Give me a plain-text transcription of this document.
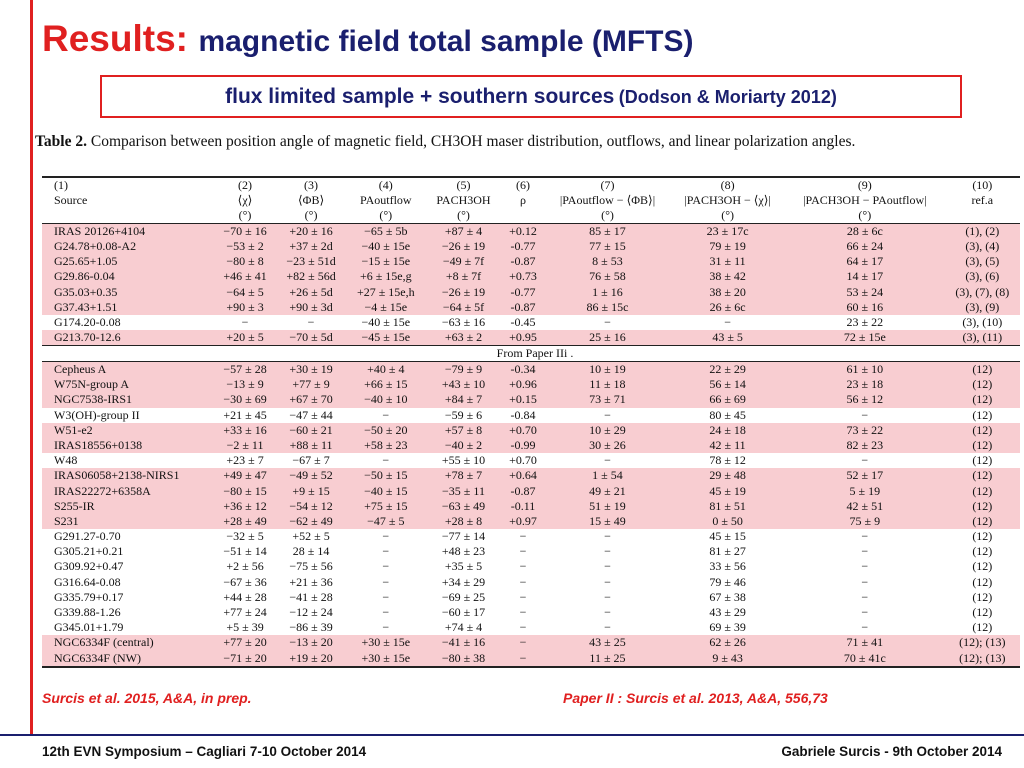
Results: magnetic field total sample (MFTS)
flux limited sample + southern sources (Dodson & Moriarty 2012)
Table 2. Comparison between position angle of magnetic field, CH3OH maser distribution, outflows, and linear polarization angles.
(1)	(2)	(3)	(4)	(5)	(6)	(7)	(8)	(9)	(10)
Source	⟨χ⟩	⟨ΦB⟩	PAoutflow	PACH3OH	ρ	|PAoutflow − ⟨ΦB⟩|	|PACH3OH − ⟨χ⟩|	|PACH3OH − PAoutflow|	ref.a
	(°)	(°)	(°)	(°)		(°)	(°)	(°)	
IRAS 20126+4104	−70 ± 16	+20 ± 16	−65 ± 5b	+87 ± 4	+0.12	85 ± 17	23 ± 17c	28 ± 6c	(1), (2)
G24.78+0.08-A2	−53 ± 2	+37 ± 2d	−40 ± 15e	−26 ± 19	-0.77	77 ± 15	79 ± 19	66 ± 24	(3), (4)
G25.65+1.05	−80 ± 8	−23 ± 51d	−15 ± 15e	−49 ± 7f	-0.87	8 ± 53	31 ± 11	64 ± 17	(3), (5)
G29.86-0.04	+46 ± 41	+82 ± 56d	+6 ± 15e,g	+8 ± 7f	+0.73	76 ± 58	38 ± 42	14 ± 17	(3), (6)
G35.03+0.35	−64 ± 5	+26 ± 5d	+27 ± 15e,h	−26 ± 19	-0.77	1 ± 16	38 ± 20	53 ± 24	(3), (7), (8)
G37.43+1.51	+90 ± 3	+90 ± 3d	−4 ± 15e	−64 ± 5f	-0.87	86 ± 15c	26 ± 6c	60 ± 16	(3), (9)
G174.20-0.08	−	−	−40 ± 15e	−63 ± 16	-0.45	−	−	23 ± 22	(3), (10)
G213.70-12.6	+20 ± 5	−70 ± 5d	−45 ± 15e	+63 ± 2	+0.95	25 ± 16	43 ± 5	72 ± 15e	(3), (11)
From Paper IIi .									
Cepheus A	−57 ± 28	+30 ± 19	+40 ± 4	−79 ± 9	-0.34	10 ± 19	22 ± 29	61 ± 10	(12)
W75N-group A	−13 ± 9	+77 ± 9	+66 ± 15	+43 ± 10	+0.96	11 ± 18	56 ± 14	23 ± 18	(12)
NGC7538-IRS1	−30 ± 69	+67 ± 70	−40 ± 10	+84 ± 7	+0.15	73 ± 71	66 ± 69	56 ± 12	(12)
W3(OH)-group II	+21 ± 45	−47 ± 44	−	−59 ± 6	-0.84	−	80 ± 45	−	(12)
W51-e2	+33 ± 16	−60 ± 21	−50 ± 20	+57 ± 8	+0.70	10 ± 29	24 ± 18	73 ± 22	(12)
IRAS18556+0138	−2 ± 11	+88 ± 11	+58 ± 23	−40 ± 2	-0.99	30 ± 26	42 ± 11	82 ± 23	(12)
W48	+23 ± 7	−67 ± 7	−	+55 ± 10	+0.70	−	78 ± 12	−	(12)
IRAS06058+2138-NIRS1	+49 ± 47	−49 ± 52	−50 ± 15	+78 ± 7	+0.64	1 ± 54	29 ± 48	52 ± 17	(12)
IRAS22272+6358A	−80 ± 15	+9 ± 15	−40 ± 15	−35 ± 11	-0.87	49 ± 21	45 ± 19	5 ± 19	(12)
S255-IR	+36 ± 12	−54 ± 12	+75 ± 15	−63 ± 49	-0.11	51 ± 19	81 ± 51	42 ± 51	(12)
S231	+28 ± 49	−62 ± 49	−47 ± 5	+28 ± 8	+0.97	15 ± 49	0 ± 50	75 ± 9	(12)
G291.27-0.70	−32 ± 5	+52 ± 5	−	−77 ± 14	−	−	45 ± 15	−	(12)
G305.21+0.21	−51 ± 14	28 ± 14	−	+48 ± 23	−	−	81 ± 27	−	(12)
G309.92+0.47	+2 ± 56	−75 ± 56	−	+35 ± 5	−	−	33 ± 56	−	(12)
G316.64-0.08	−67 ± 36	+21 ± 36	−	+34 ± 29	−	−	79 ± 46	−	(12)
G335.79+0.17	+44 ± 28	−41 ± 28	−	−69 ± 25	−	−	67 ± 38	−	(12)
G339.88-1.26	+77 ± 24	−12 ± 24	−	−60 ± 17	−	−	43 ± 29	−	(12)
G345.01+1.79	+5 ± 39	−86 ± 39	−	+74 ± 4	−	−	69 ± 39	−	(12)
NGC6334F (central)	+77 ± 20	−13 ± 20	+30 ± 15e	−41 ± 16	−	43 ± 25	62 ± 26	71 ± 41	(12); (13)
NGC6334F (NW)	−71 ± 20	+19 ± 20	+30 ± 15e	−80 ± 38	−	11 ± 25	9 ± 43	70 ± 41c	(12); (13)
Surcis et al. 2015, A&A, in prep.	Paper II : Surcis et al. 2013, A&A, 556,73
12th EVN Symposium – Cagliari 7-10 October 2014	Gabriele Surcis - 9th October 2014
